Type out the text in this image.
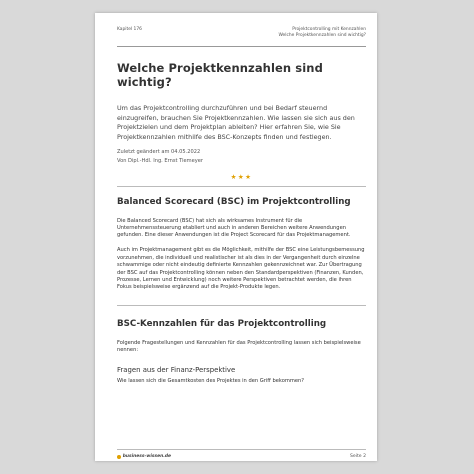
Kapitel 176	Projektcontrolling mit Kennzahlen
Welche Projektkennzahlen sind wichtig?
Welche Projektkennzahlen sind wichtig?

Um das Projektcontrolling durchzuführen und bei Bedarf steuernd einzugreifen, brauchen Sie Projektkennzahlen. Wie lassen sie sich aus den Projektzielen und dem Projektplan ableiten? Hier erfahren Sie, wie Sie Projektkennzahlen mithilfe des BSC-Konzepts finden und festlegen.

Zuletzt geändert am 04.05.2022
Von Dipl.-Hdl. Ing. Ernst Tiemeyer
★★★
Balanced Scorecard (BSC) im Projektcontrolling

Die Balanced Scorecard (BSC) hat sich als wirksames Instrument für die Unternehmenssteuerung etabliert und auch in anderen Bereichen weitere Anwendungen gefunden. Eine dieser Anwendungen ist die Project Scorecard für das Projektmanagement.

Auch im Projektmanagement gibt es die Möglichkeit, mithilfe der BSC eine Leistungsbemessung vorzunehmen, die individuell und realistischer ist als dies in der Vergangenheit durch einzelne schwammige oder nicht eindeutig definierte Kennzahlen gekennzeichnet war. Zur Übertragung der BSC auf das Projektcontrolling können neben den Standardperspektiven (Finanzen, Kunden, Prozesse, Lernen und Entwicklung) noch weitere Perspektiven betrachtet werden, die ihren Fokus beispielsweise ergänzend auf die Projekt-Produkte legen.

BSC-Kennzahlen für das Projektcontrolling

Folgende Fragestellungen und Kennzahlen für das Projektcontrolling lassen sich beispielsweise nennen:

Fragen aus der Finanz-Perspektive

Wie lassen sich die Gesamtkosten des Projektes in den Griff bekommen?

business-wissen.de	Seite 2
